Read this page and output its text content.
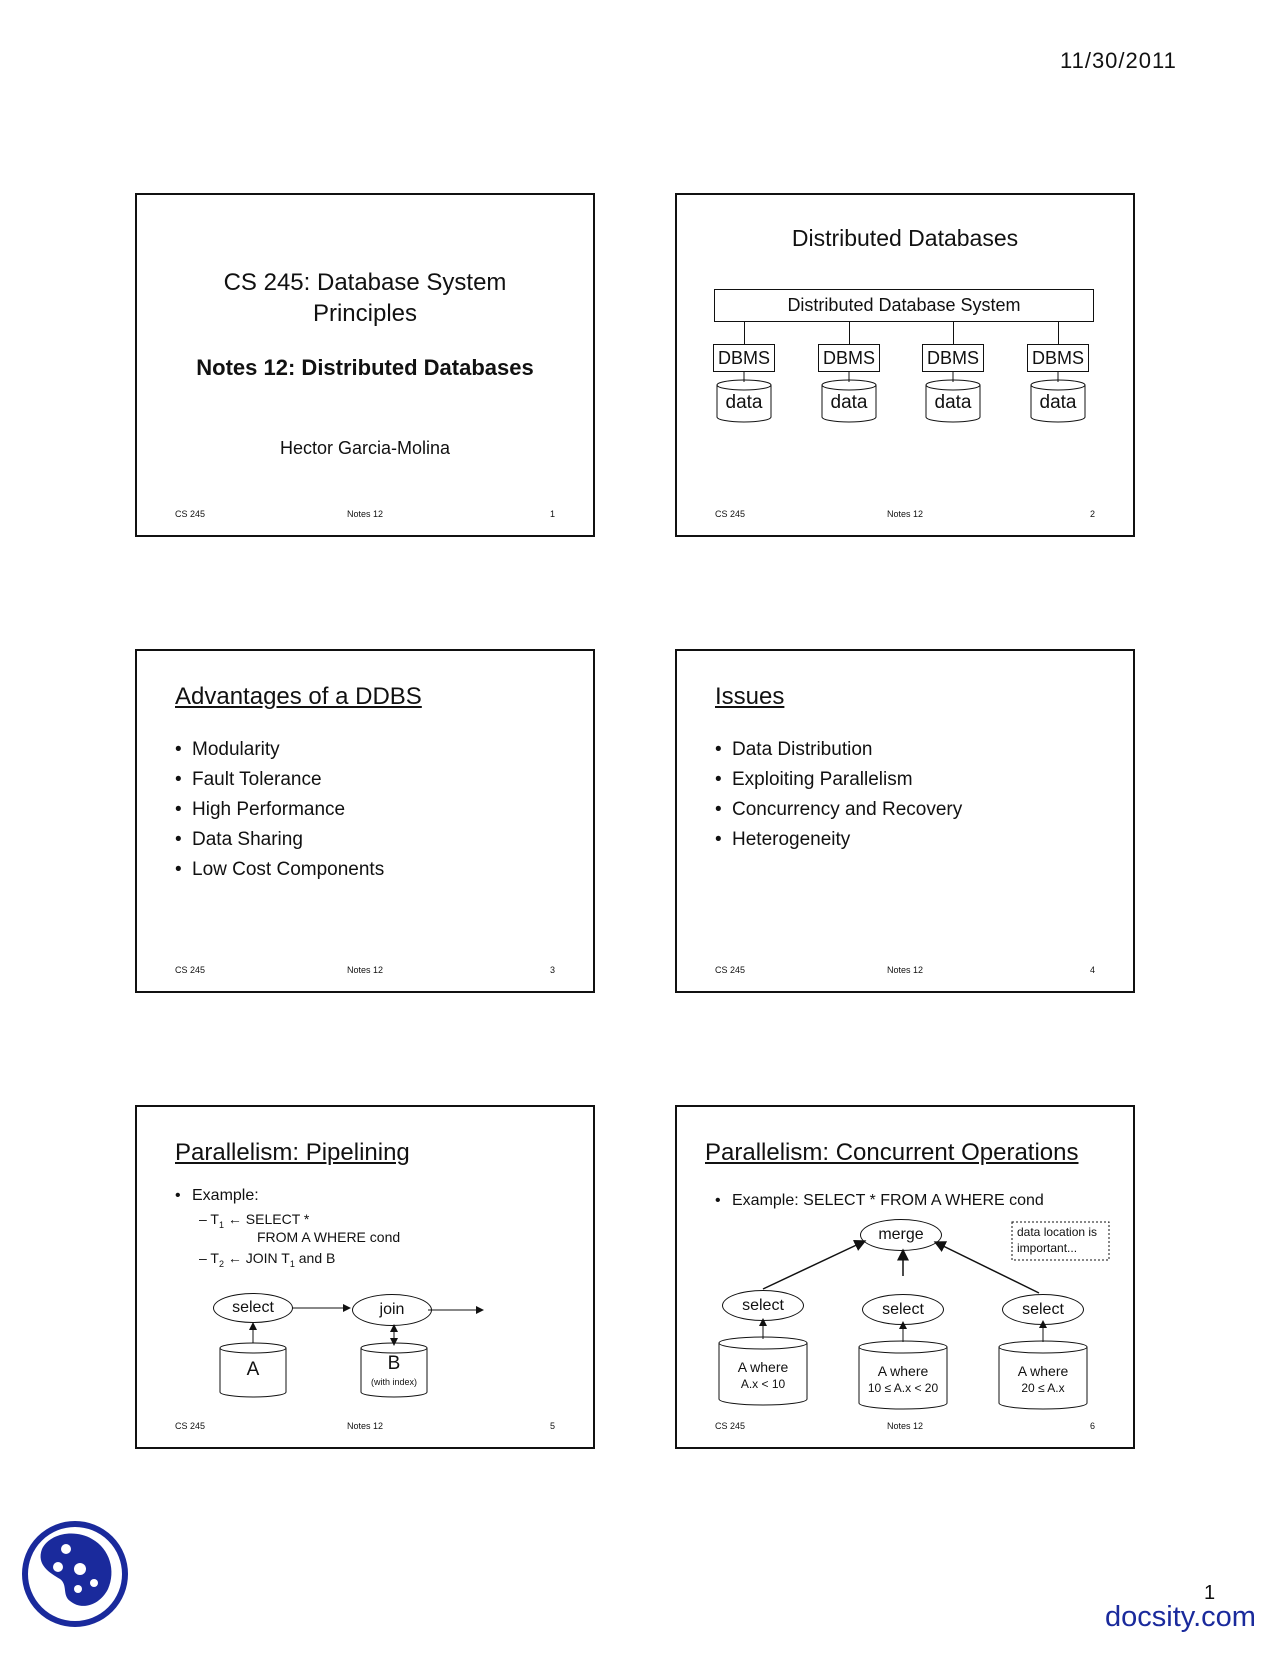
11/30/2011
CS 245: Database System
Principles
Notes 12: Distributed Databases
Hector Garcia-Molina
CS 245	Notes 12	1
Distributed Databases
Distributed Database System
DBMS	DBMS	DBMS	DBMS
data	data	data	data
CS 245	Notes 12	2
Advantages of a DDBS
• Modularity
• Fault Tolerance
• High Performance
• Data Sharing
• Low Cost Components
CS 245	Notes 12	3
Issues
• Data Distribution
• Exploiting Parallelism
• Concurrency and Recovery
• Heterogeneity
CS 245	Notes 12	4
Parallelism: Pipelining
• Example:
– $T_1$ ← SELECT *
FROM A WHERE cond
– $T_2$ ← JOIN $T_1$ and B
select	join
A	B
(with index)
CS 245	Notes 12	5
Parallelism: Concurrent Operations
• Example: SELECT * FROM A WHERE cond
merge	data location is
important...
select	select	select
A where
A.x < 10
A where
10 ≤ A.x < 20
A where
20 ≤ A.x
CS 245	Notes 12	6
1
docsity.com
